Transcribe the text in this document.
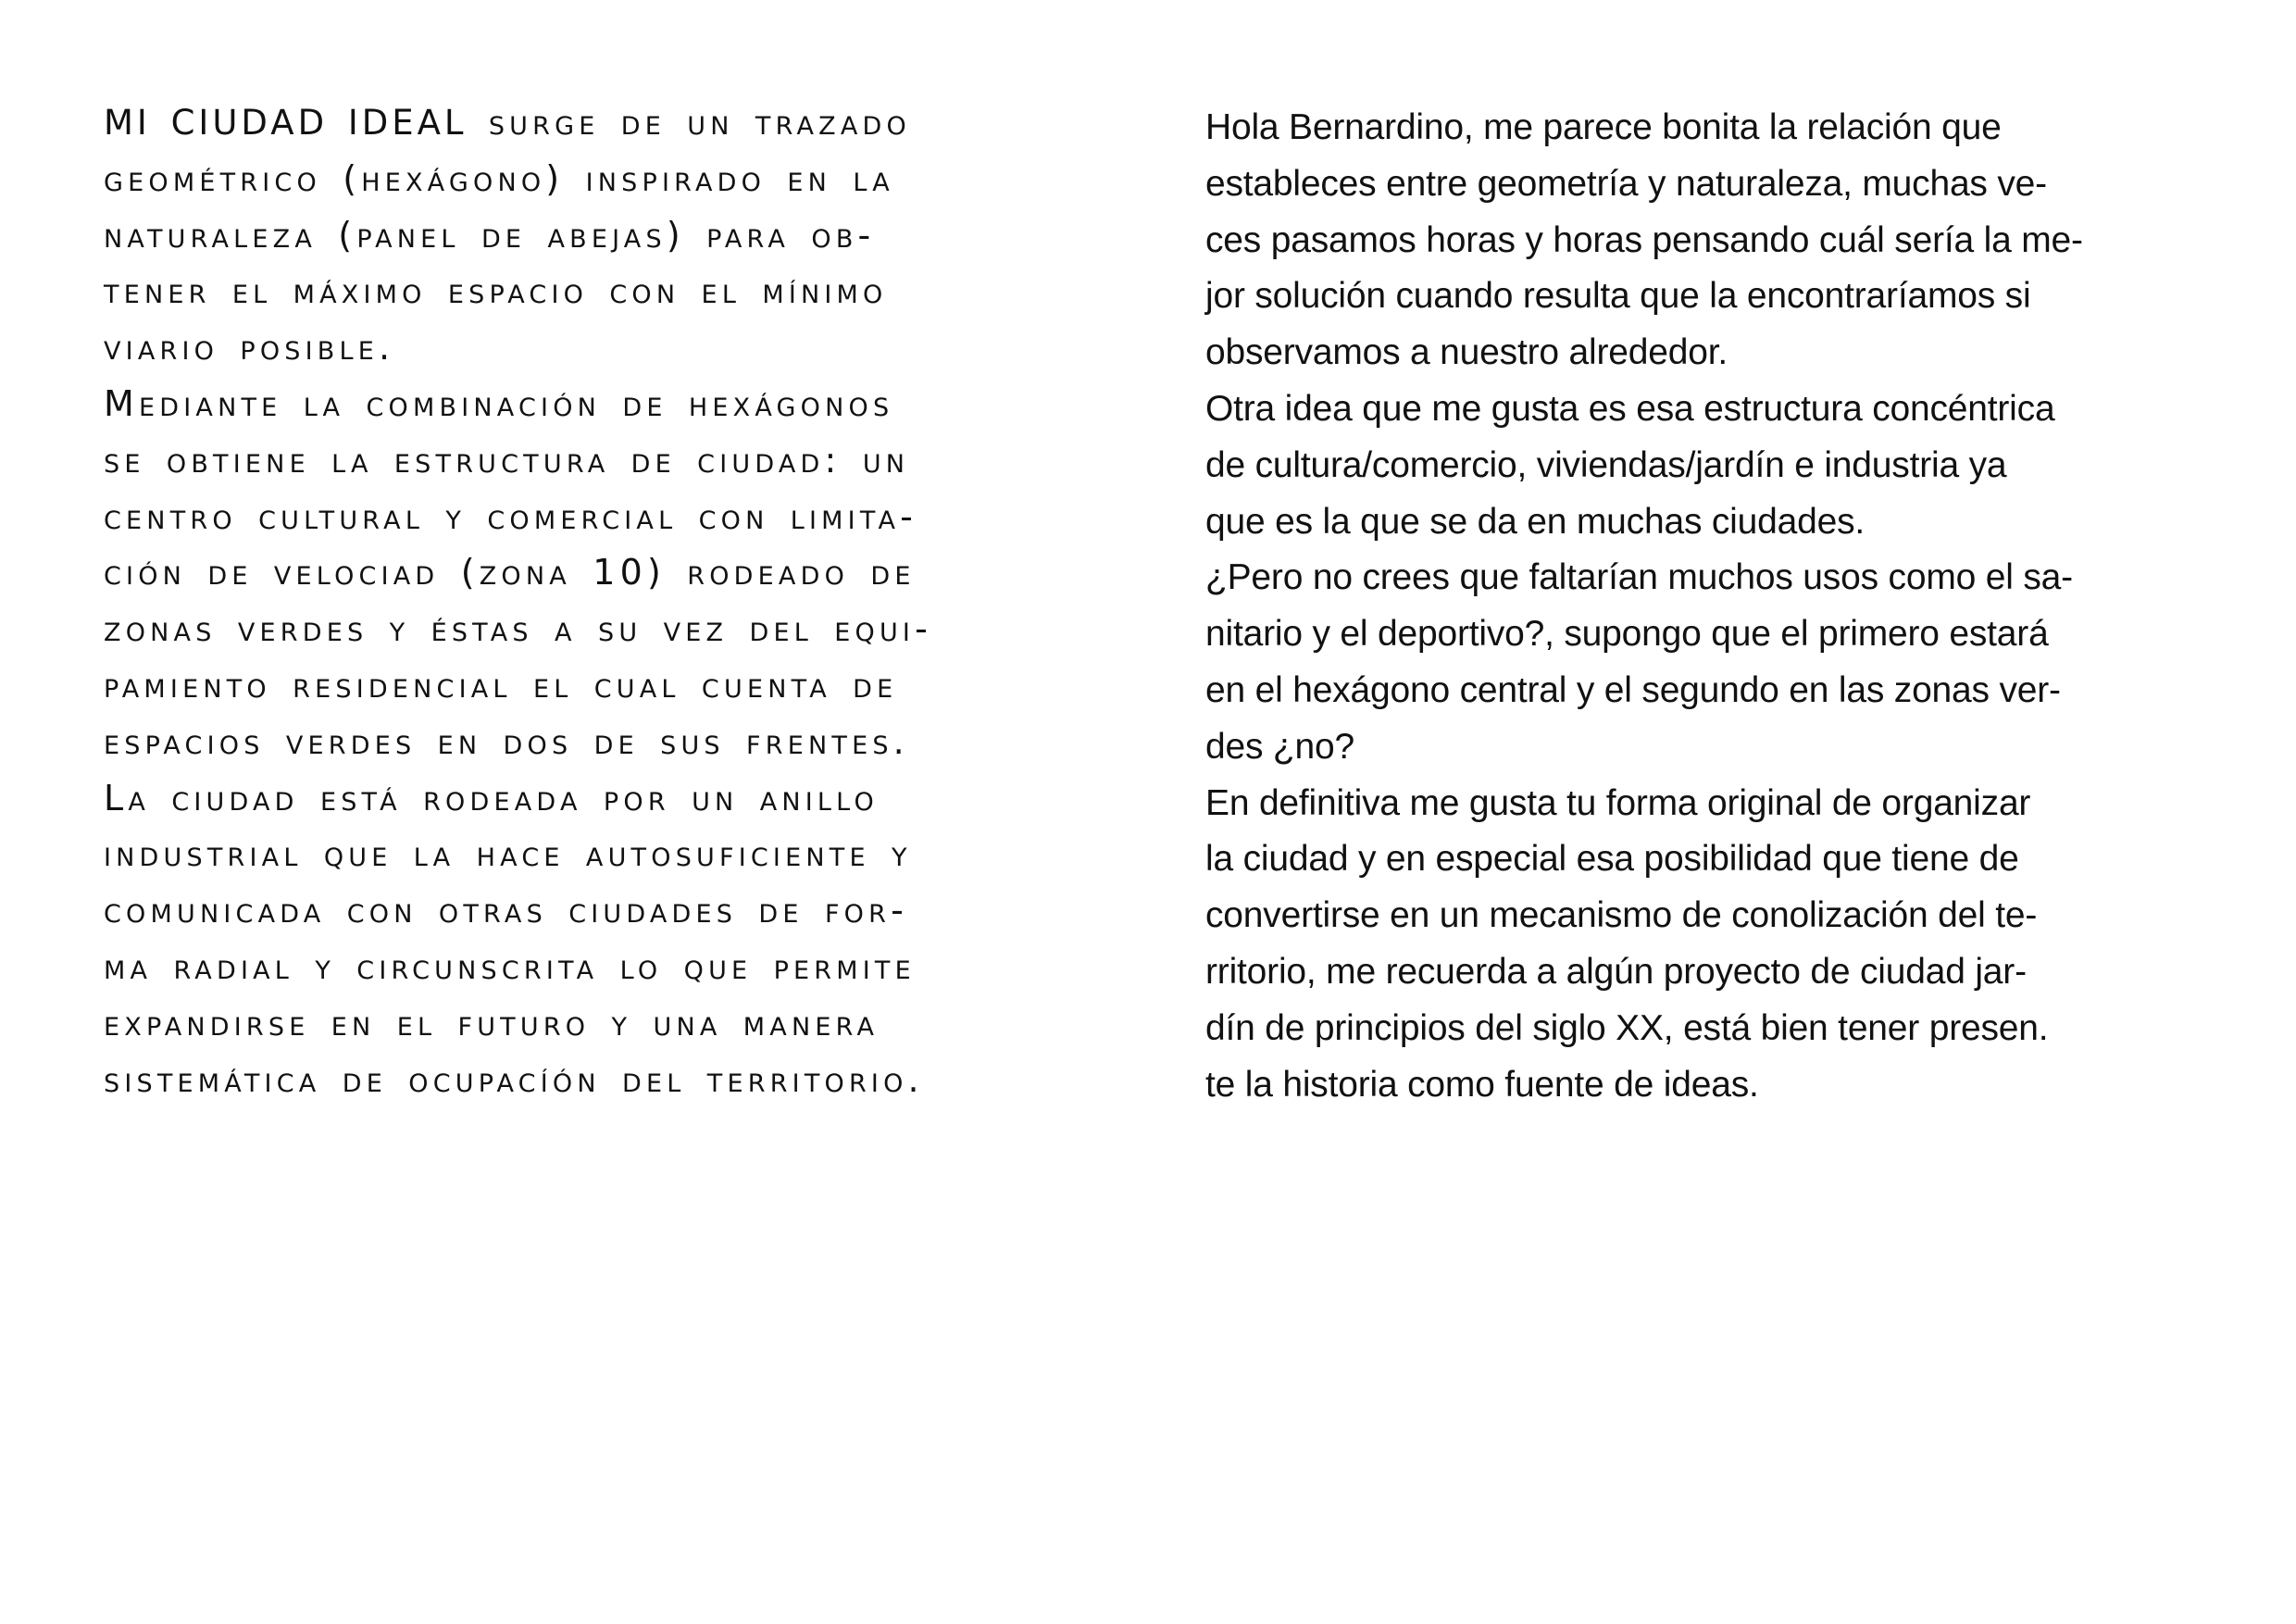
MI CIUDAD IDEAL surge de un trazado
geométrico (hexágono) inspirado en la
naturaleza (panel de abejas) para ob-
tener el máximo espacio con el mínimo
viario posible.
Mediante la combinación de hexágonos
se obtiene la estructura de ciudad: un
centro cultural y comercial con limita-
ción de velociad (zona 10) rodeado de
zonas verdes y éstas a su vez del equi-
pamiento residencial el cual cuenta de
espacios verdes en dos de sus frentes.
La ciudad está rodeada por un anillo
industrial que la hace autosuficiente y
comunicada con otras ciudades de for-
ma radial y circunscrita lo que permite
expandirse en el futuro y una manera
sistemática de ocupacíón del territorio.
Hola Bernardino, me parece bonita la relación que
estableces entre geometría y naturaleza, muchas ve-
ces pasamos horas y horas pensando cuál sería la me-
jor solución cuando resulta que la encontraríamos si
observamos a nuestro alrededor.
Otra idea que me gusta es esa estructura concéntrica
de cultura/comercio, viviendas/jardín e industria ya
que es la que se da en muchas ciudades.
¿Pero no crees que faltarían muchos usos como el sa-
nitario y el deportivo?, supongo que el primero estará
en el hexágono central y el segundo en las zonas ver-
des ¿no?
En definitiva me gusta tu forma original de organizar
la ciudad y en especial esa posibilidad que tiene de
convertirse en un mecanismo de conolización del te-
rritorio, me recuerda a algún proyecto de ciudad jar-
dín de principios del siglo XX, está bien tener presen.
te la historia como fuente de ideas.
